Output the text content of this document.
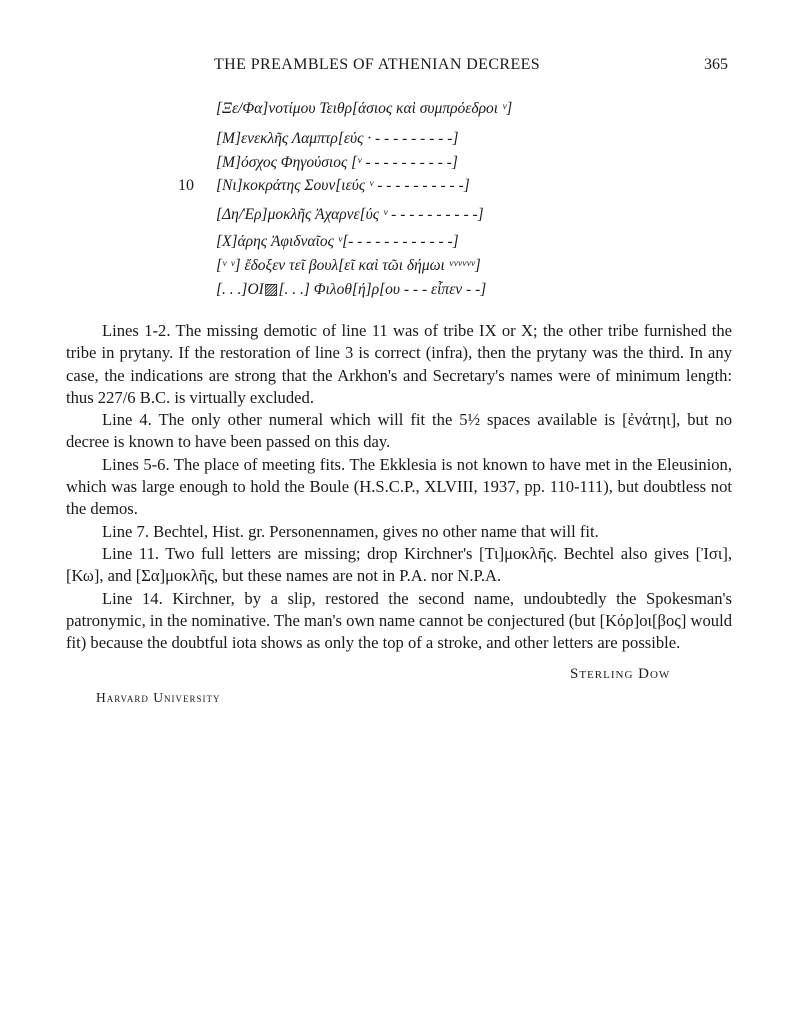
THE PREAMBLES OF ATHENIAN DECREES	365
[Ξε/Φα]νοτίμου Τειθρ[άσιος καὶ συμπρόεδροι ᵛ]
[Μ]ενεκλῆς Λαμπτρ[εύς · - - - - - - - - -]
[Μ]όσχος Φηγούσιος [ᵛ - - - - - - - - - -]
10 [Νι]κοκράτης Σουν[ιεύς ᵛ - - - - - - - - - -]
[Δη/Ἑρ]μοκλῆς Ἀχαρνε[ύς ᵛ - - - - - - - - - -]
[Χ]άρης Ἀφιδναῖος ᵛ[- - - - - - - - - - - -]
[ᵛ ᵛ] ἔδοξεν τεῖ βουλ[εῖ καὶ τῶι δήμωι ᵛᵛᵛᵛᵛᵛ]
[. . .]ΟΙ▨[. . .] Φιλοθ[ή]ρ[ου - - - εἶπεν - -]

Lines 1-2. The missing demotic of line 11 was of tribe IX or X; the other tribe furnished the tribe in prytany. If the restoration of line 3 is correct (infra), then the prytany was the third. In any case, the indications are strong that the Arkhon's and Secretary's names were of minimum length: thus 227/6 B.C. is virtually excluded.

Line 4. The only other numeral which will fit the 5½ spaces available is [ἐνάτηι], but no decree is known to have been passed on this day.

Lines 5-6. The place of meeting fits. The Ekklesia is not known to have met in the Eleusinion, which was large enough to hold the Boule (H.S.C.P., XLVIII, 1937, pp. 110-111), but doubtless not the demos.

Line 7. Bechtel, Hist. gr. Personennamen, gives no other name that will fit.

Line 11. Two full letters are missing; drop Kirchner's [Τι]μοκλῆς. Bechtel also gives [Ἰσι], [Κω], and [Σα]μοκλῆς, but these names are not in P.A. nor N.P.A.

Line 14. Kirchner, by a slip, restored the second name, undoubtedly the Spokesman's patronymic, in the nominative. The man's own name cannot be conjectured (but [Κόρ]οι[βος] would fit) because the doubtful iota shows as only the top of a stroke, and other letters are possible.

Sterling Dow
Harvard University
